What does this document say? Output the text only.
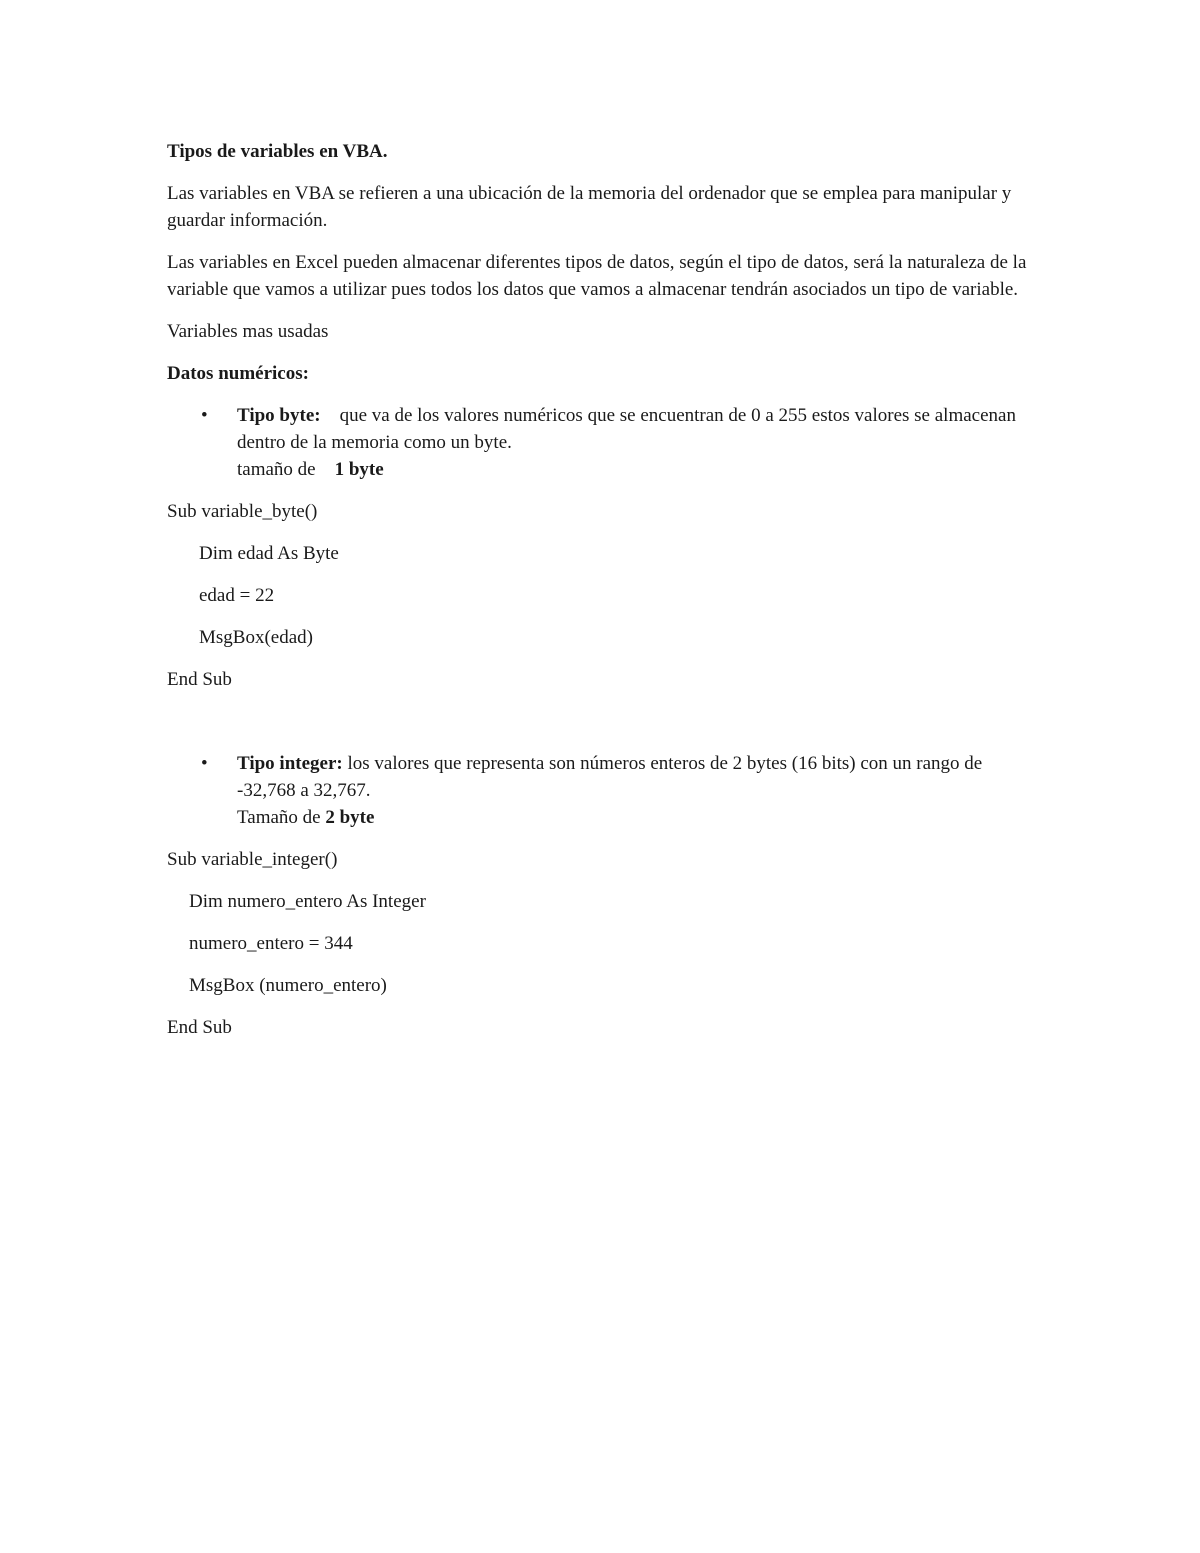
Tipos de variables en VBA.

Las variables en VBA se refieren a una ubicación de la memoria del ordenador que se emplea para manipular y guardar información.

Las variables en Excel pueden almacenar diferentes tipos de datos, según el tipo de datos, será la naturaleza de la variable que vamos a utilizar pues todos los datos que vamos a almacenar tendrán asociados un tipo de variable.

Variables mas usadas

Datos numéricos:

• Tipo byte: que va de los valores numéricos que se encuentran de 0 a 255 estos valores se almacenan dentro de la memoria como un byte.
tamaño de 1 byte

Sub variable_byte()

Dim edad As Byte

edad = 22

MsgBox(edad)

End Sub

• Tipo integer: los valores que representa son números enteros de 2 bytes (16 bits) con un rango de -32,768 a 32,767.
Tamaño de 2 byte

Sub variable_integer()

Dim numero_entero As Integer

numero_entero = 344

MsgBox (numero_entero)

End Sub
